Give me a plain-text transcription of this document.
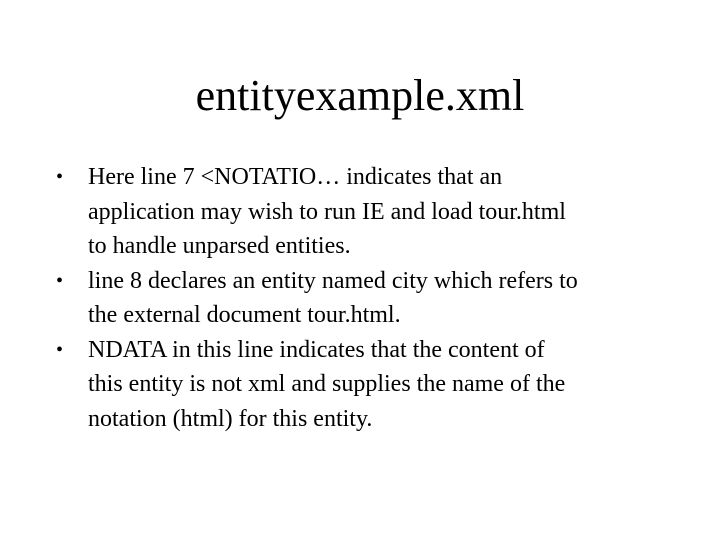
entityexample.xml
•	Here line 7 <NOTATIO… indicates that an
application may wish to run IE and load tour.html
to handle unparsed entities.
•	line 8 declares an entity named city which refers to
the external document tour.html.
•	NDATA in this line indicates that the content of
this entity is not xml and supplies the name of the
notation (html) for this entity.
